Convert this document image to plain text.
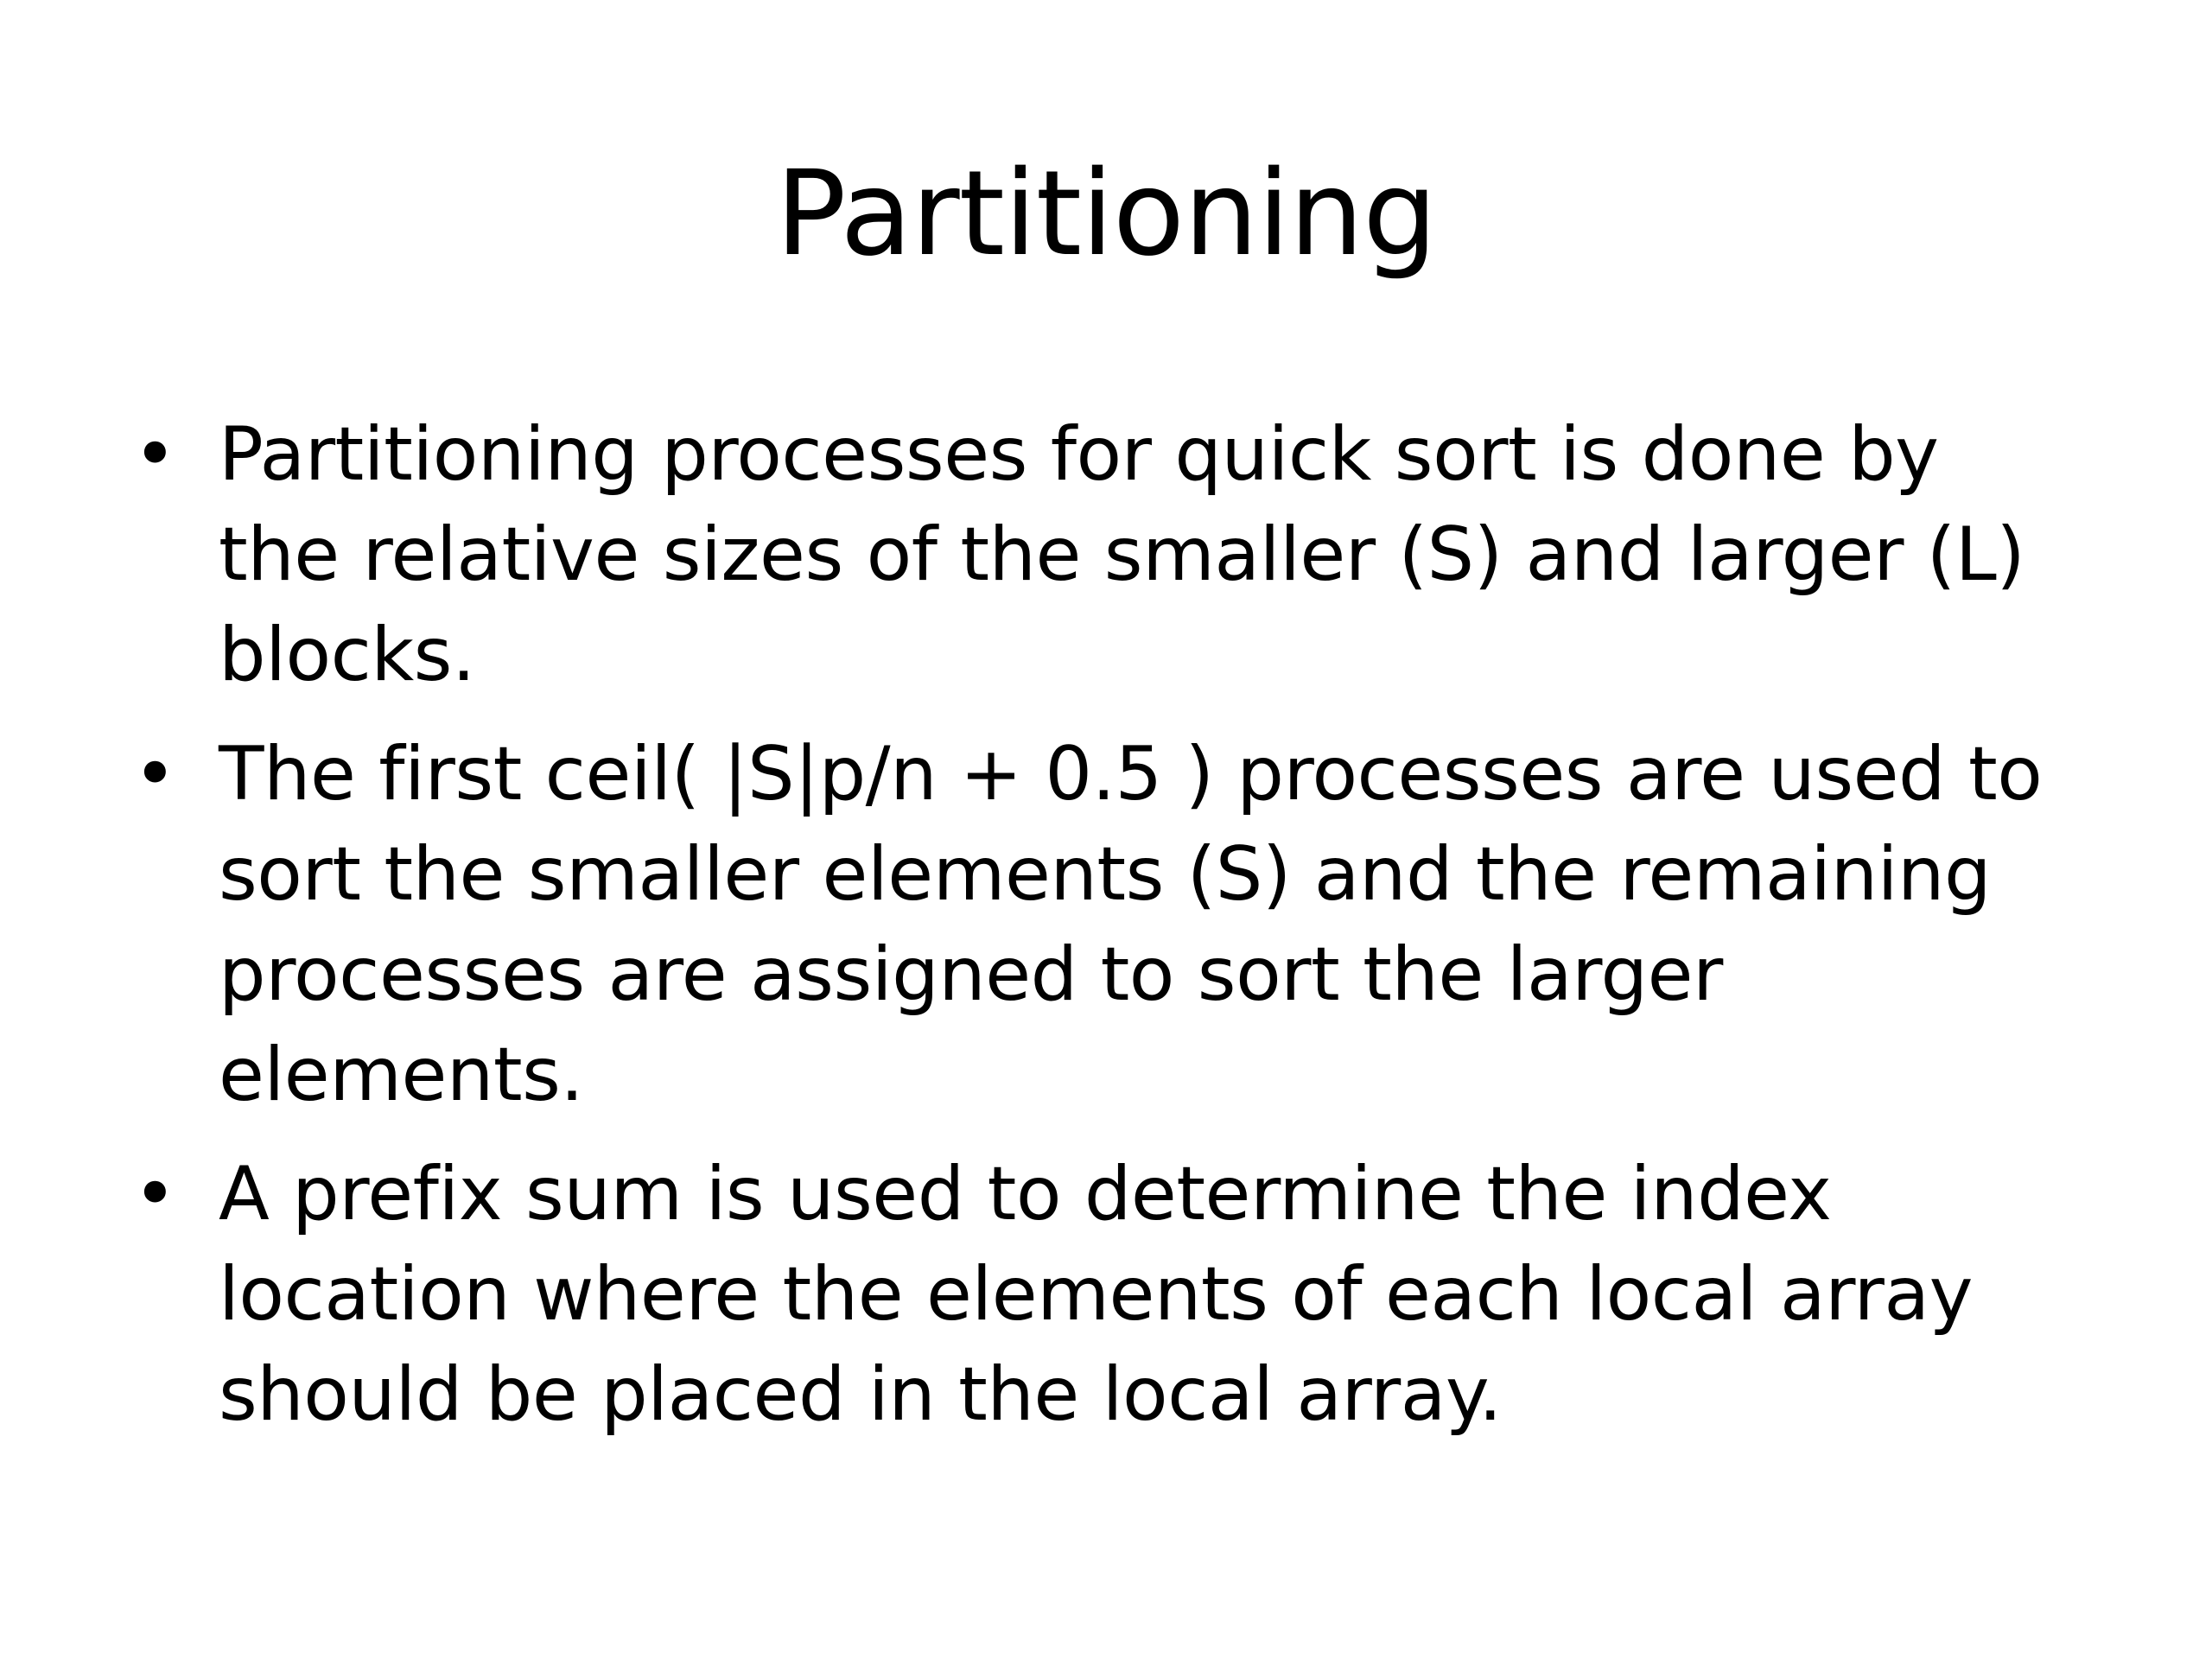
Partitioning
• Partitioning processes for quick sort is done by
the relative sizes of the smaller (S) and larger (L)
blocks.
• The first ceil( |S|p/n + 0.5 ) processes are used to
sort the smaller elements (S) and the remaining
processes are assigned to sort the larger
elements.
• A prefix sum is used to determine the index
location where the elements of each local array
should be placed in the local array.
